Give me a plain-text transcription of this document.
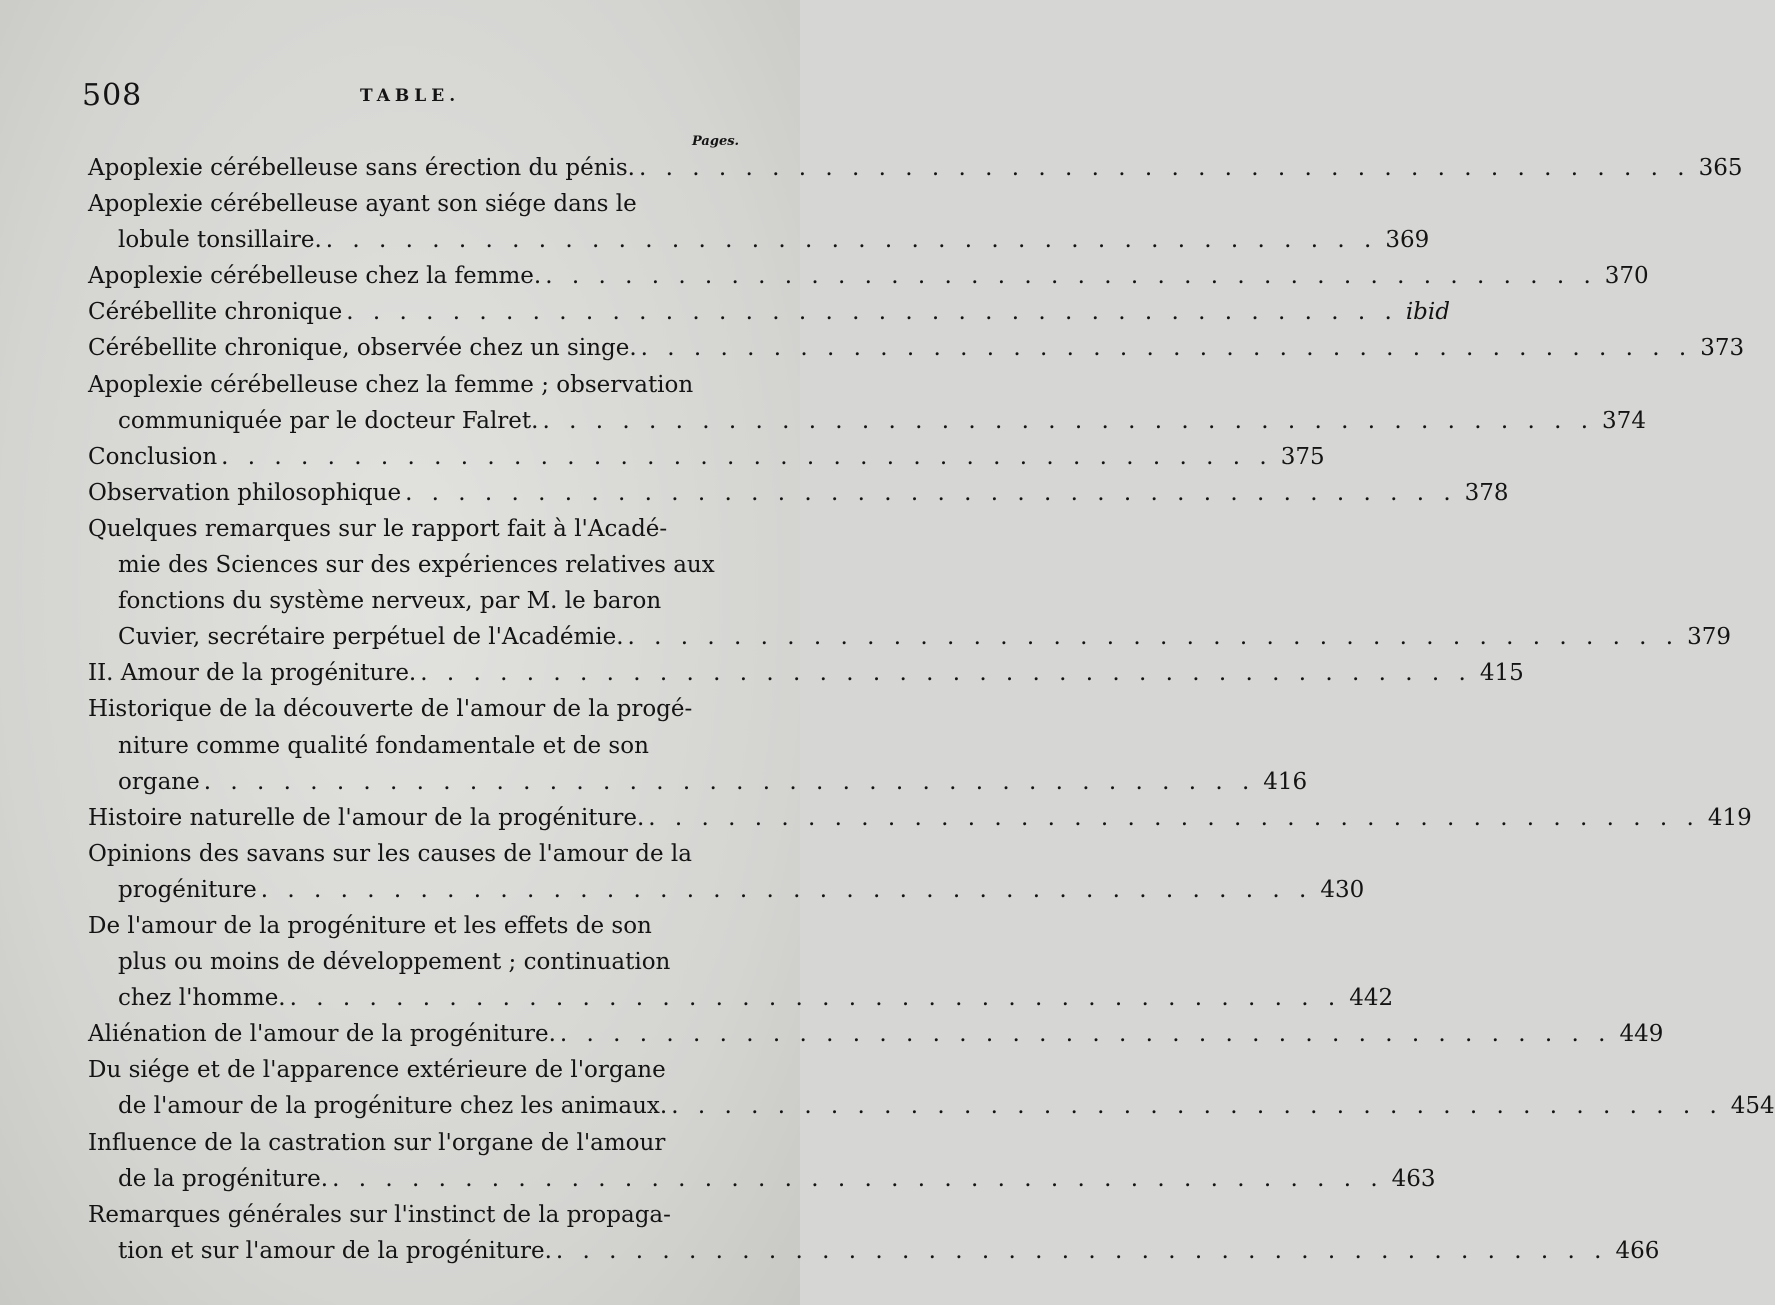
508	TABLE.
Pages.
Apoplexie cérébelleuse sans érection du pénis. . . . . . . . . . . . . . . . . . . . . . . . . . . . . . . . . . . . . . . . . 365
Apoplexie cérébelleuse ayant son siége dans le
lobule tonsillaire. . . . . . . . . . . . . . . . . . . . . . . . . . . . . . . . . . . . . . . . . 369
Apoplexie cérébelleuse chez la femme. . . . . . . . . . . . . . . . . . . . . . . . . . . . . . . . . . . . . . . . . 370
Cérébellite chronique . . . . . . . . . . . . . . . . . . . . . . . . . . . . . . . . . . . . . . . . ibid
Cérébellite chronique, observée chez un singe. . . . . . . . . . . . . . . . . . . . . . . . . . . . . . . . . . . . . . . . . 373
Apoplexie cérébelleuse chez la femme ; observation
communiquée par le docteur Falret. . . . . . . . . . . . . . . . . . . . . . . . . . . . . . . . . . . . . . . . . 374
Conclusion . . . . . . . . . . . . . . . . . . . . . . . . . . . . . . . . . . . . . . . . 375
Observation philosophique . . . . . . . . . . . . . . . . . . . . . . . . . . . . . . . . . . . . . . . . 378
Quelques remarques sur le rapport fait à l'Acadé-
mie des Sciences sur des expériences relatives aux
fonctions du système nerveux, par M. le baron
Cuvier, secrétaire perpétuel de l'Académie. . . . . . . . . . . . . . . . . . . . . . . . . . . . . . . . . . . . . . . . . 379
II. Amour de la progéniture. . . . . . . . . . . . . . . . . . . . . . . . . . . . . . . . . . . . . . . . . 415
Historique de la découverte de l'amour de la progé-
niture comme qualité fondamentale et de son
organe . . . . . . . . . . . . . . . . . . . . . . . . . . . . . . . . . . . . . . . . 416
Histoire naturelle de l'amour de la progéniture. . . . . . . . . . . . . . . . . . . . . . . . . . . . . . . . . . . . . . . . . 419
Opinions des savans sur les causes de l'amour de la
progéniture . . . . . . . . . . . . . . . . . . . . . . . . . . . . . . . . . . . . . . . . 430
De l'amour de la progéniture et les effets de son
plus ou moins de développement ; continuation
chez l'homme. . . . . . . . . . . . . . . . . . . . . . . . . . . . . . . . . . . . . . . . . 442
Aliénation de l'amour de la progéniture. . . . . . . . . . . . . . . . . . . . . . . . . . . . . . . . . . . . . . . . . 449
Du siége et de l'apparence extérieure de l'organe
de l'amour de la progéniture chez les animaux. . . . . . . . . . . . . . . . . . . . . . . . . . . . . . . . . . . . . . . . . 454
Influence de la castration sur l'organe de l'amour
de la progéniture. . . . . . . . . . . . . . . . . . . . . . . . . . . . . . . . . . . . . . . . . 463
Remarques générales sur l'instinct de la propaga-
tion et sur l'amour de la progéniture. . . . . . . . . . . . . . . . . . . . . . . . . . . . . . . . . . . . . . . . . 466
